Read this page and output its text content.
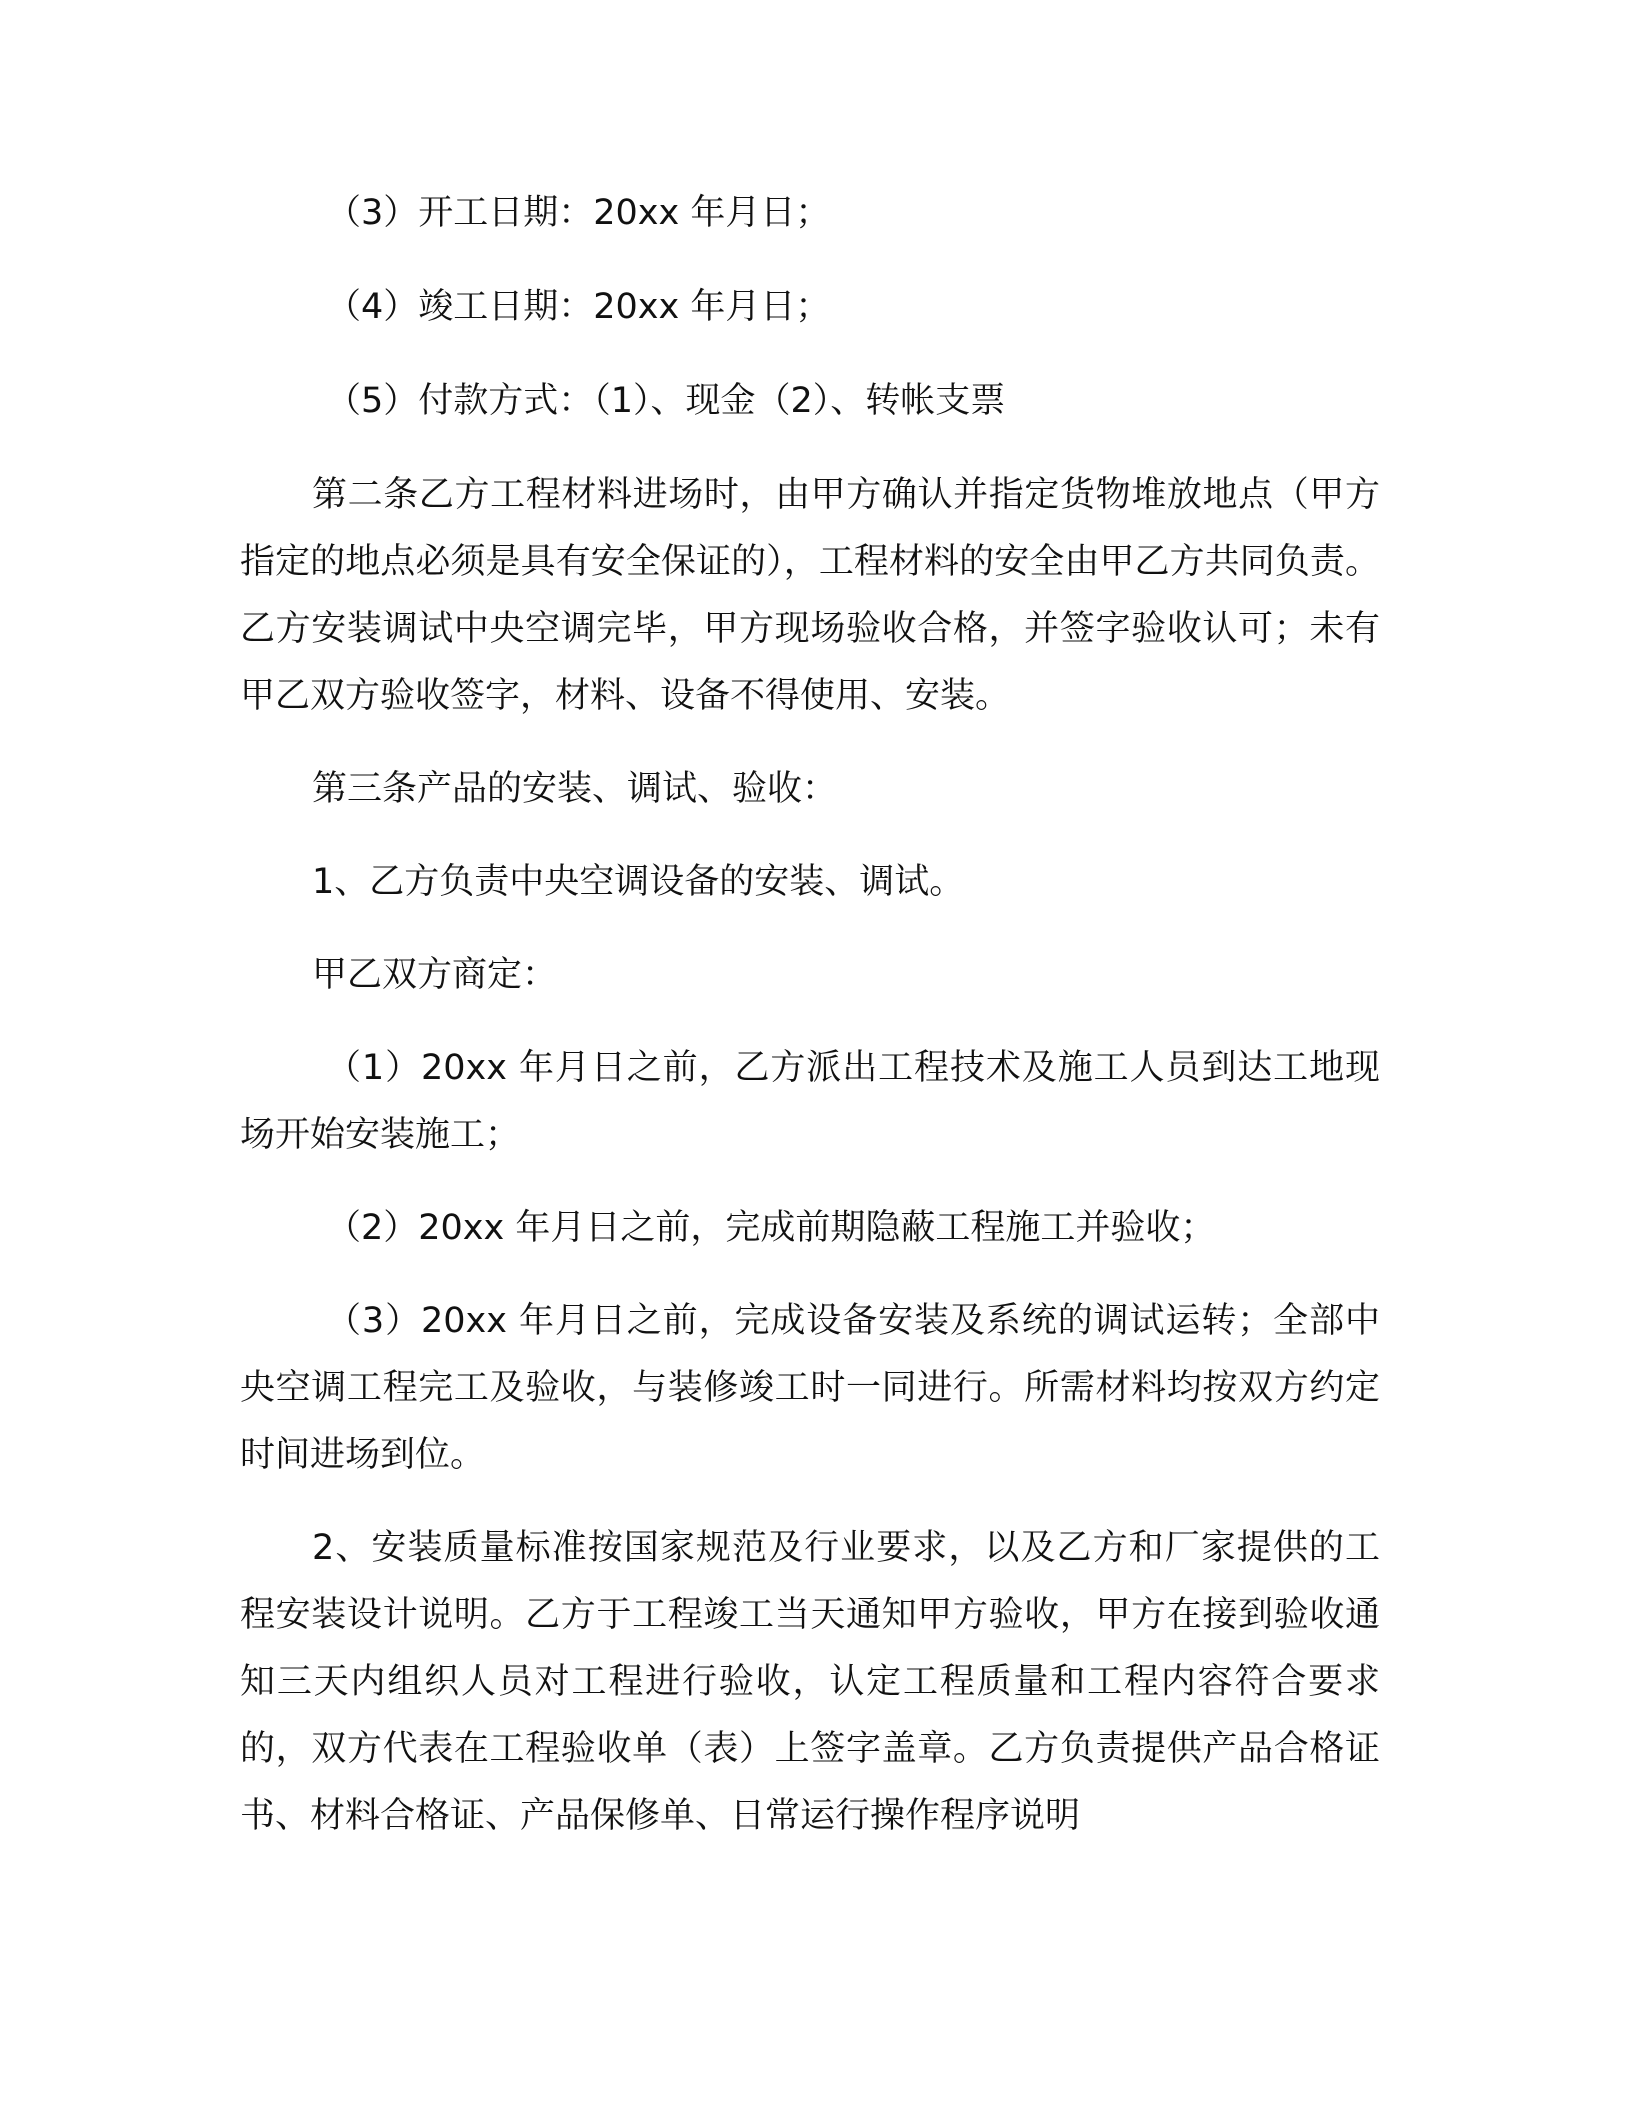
（3）开工日期：20xx 年月日；

（4）竣工日期：20xx 年月日；

（5）付款方式：（1）、现金（2）、转帐支票

第二条乙方工程材料进场时，由甲方确认并指定货物堆放地点（甲方指定的地点必须是具有安全保证的），工程材料的安全由甲乙方共同负责。乙方安装调试中央空调完毕，甲方现场验收合格，并签字验收认可；未有甲乙双方验收签字，材料、设备不得使用、安装。

第三条产品的安装、调试、验收：

1、乙方负责中央空调设备的安装、调试。

甲乙双方商定：

（1）20xx 年月日之前，乙方派出工程技术及施工人员到达工地现场开始安装施工；

（2）20xx 年月日之前，完成前期隐蔽工程施工并验收；

（3）20xx 年月日之前，完成设备安装及系统的调试运转；全部中央空调工程完工及验收，与装修竣工时一同进行。所需材料均按双方约定时间进场到位。

2、安装质量标准按国家规范及行业要求，以及乙方和厂家提供的工程安装设计说明。乙方于工程竣工当天通知甲方验收，甲方在接到验收通知三天内组织人员对工程进行验收，认定工程质量和工程内容符合要求的，双方代表在工程验收单（表）上签字盖章。乙方负责提供产品合格证书、材料合格证、产品保修单、日常运行操作程序说明
